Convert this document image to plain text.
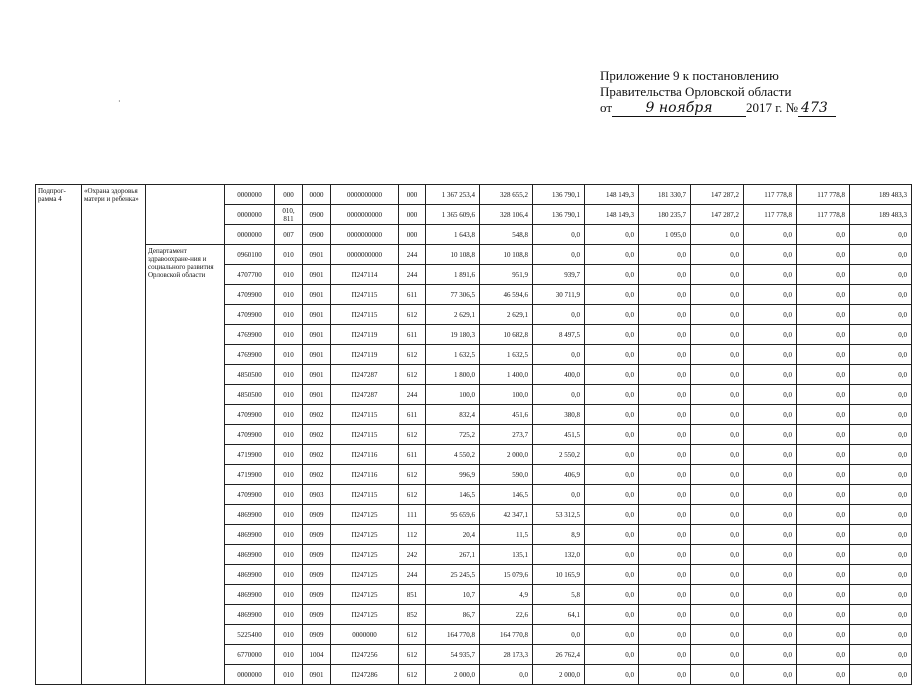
Приложение 9 к постановлению
Правительства Орловской области
от	9 ноября	2017 г. № 473
·
Подпрог-рамма 4	«Охрана здоровья матери и ребенка»		0000000	000	0000	0000000000	000	1 367 253,4	328 655,2	136 790,1	148 149,3	181 330,7	147 287,2	117 778,8	117 778,8	189 483,3
			0000000	010, 811	0900	0000000000	000	1 365 609,6	328 106,4	136 790,1	148 149,3	180 235,7	147 287,2	117 778,8	117 778,8	189 483,3
			0000000	007	0900	0000000000	000	1 643,8	548,8	0,0	0,0	1 095,0	0,0	0,0	0,0	0,0
		Департамент здравоохране-ния и социального развития Орловской области	0960100	010	0901	0000000000	244	10 108,8	10 108,8	0,0	0,0	0,0	0,0	0,0	0,0	0,0
			4707700	010	0901	П247114	244	1 891,6	951,9	939,7	0,0	0,0	0,0	0,0	0,0	0,0
			4709900	010	0901	П247115	611	77 306,5	46 594,6	30 711,9	0,0	0,0	0,0	0,0	0,0	0,0
			4709900	010	0901	П247115	612	2 629,1	2 629,1	0,0	0,0	0,0	0,0	0,0	0,0	0,0
			4769900	010	0901	П247119	611	19 180,3	10 682,8	8 497,5	0,0	0,0	0,0	0,0	0,0	0,0
			4769900	010	0901	П247119	612	1 632,5	1 632,5	0,0	0,0	0,0	0,0	0,0	0,0	0,0
			4850500	010	0901	П247287	612	1 800,0	1 400,0	400,0	0,0	0,0	0,0	0,0	0,0	0,0
			4850500	010	0901	П247287	244	100,0	100,0	0,0	0,0	0,0	0,0	0,0	0,0	0,0
			4709900	010	0902	П247115	611	832,4	451,6	380,8	0,0	0,0	0,0	0,0	0,0	0,0
			4709900	010	0902	П247115	612	725,2	273,7	451,5	0,0	0,0	0,0	0,0	0,0	0,0
			4719900	010	0902	П247116	611	4 550,2	2 000,0	2 550,2	0,0	0,0	0,0	0,0	0,0	0,0
			4719900	010	0902	П247116	612	996,9	590,0	406,9	0,0	0,0	0,0	0,0	0,0	0,0
			4709900	010	0903	П247115	612	146,5	146,5	0,0	0,0	0,0	0,0	0,0	0,0	0,0
			4869900	010	0909	П247125	111	95 659,6	42 347,1	53 312,5	0,0	0,0	0,0	0,0	0,0	0,0
			4869900	010	0909	П247125	112	20,4	11,5	8,9	0,0	0,0	0,0	0,0	0,0	0,0
			4869900	010	0909	П247125	242	267,1	135,1	132,0	0,0	0,0	0,0	0,0	0,0	0,0
			4869900	010	0909	П247125	244	25 245,5	15 079,6	10 165,9	0,0	0,0	0,0	0,0	0,0	0,0
			4869900	010	0909	П247125	851	10,7	4,9	5,8	0,0	0,0	0,0	0,0	0,0	0,0
			4869900	010	0909	П247125	852	86,7	22,6	64,1	0,0	0,0	0,0	0,0	0,0	0,0
			5225400	010	0909	0000000	612	164 770,8	164 770,8	0,0	0,0	0,0	0,0	0,0	0,0	0,0
			6770000	010	1004	П247256	612	54 935,7	28 173,3	26 762,4	0,0	0,0	0,0	0,0	0,0	0,0
			0000000	010	0901	П247286	612	2 000,0	0,0	2 000,0	0,0	0,0	0,0	0,0	0,0	0,0
